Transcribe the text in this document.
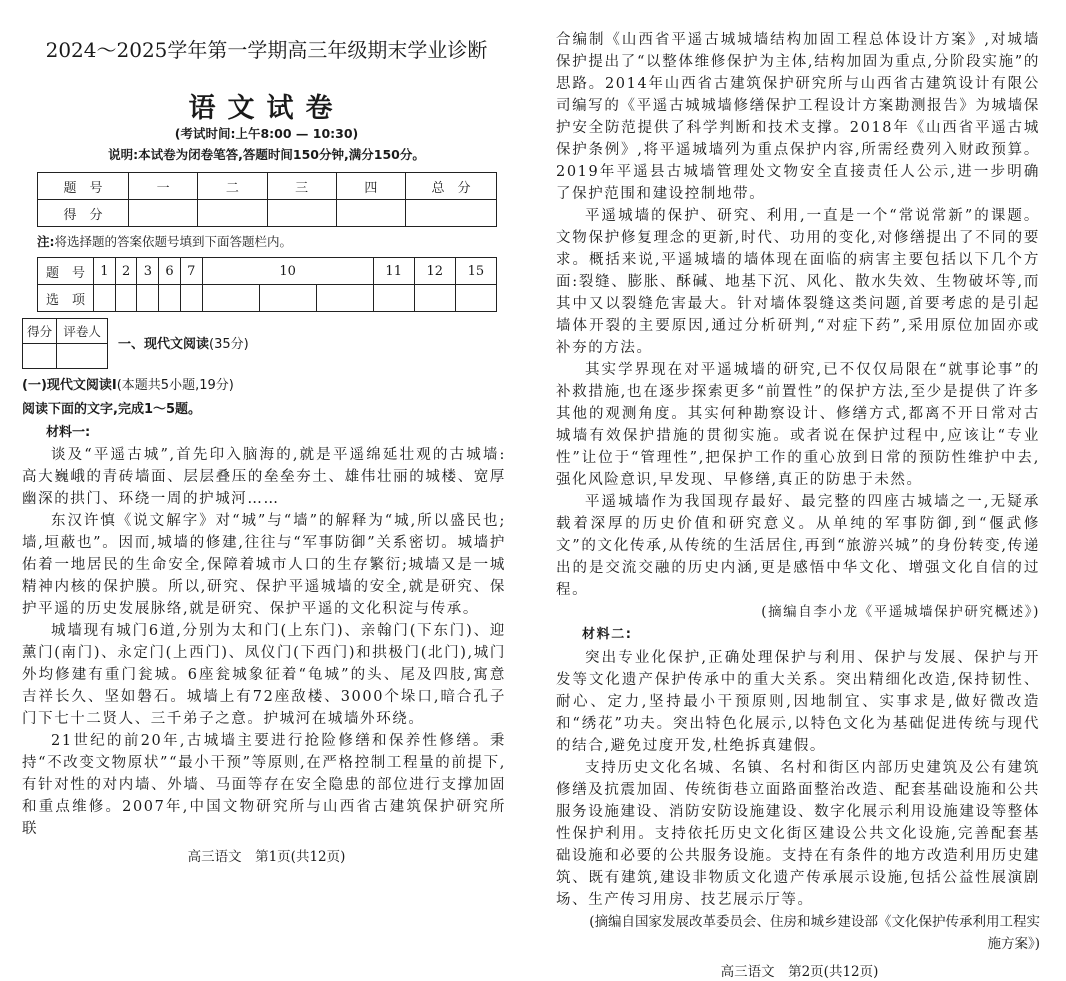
2024～2025学年第一学期高三年级期末学业诊断
语文试卷
(考试时间:上午8:00 — 10:30)
说明:本试卷为闭卷笔答,答题时间150分钟,满分150分。
题　号	一	二	三	四	总　分
得　分					
注:将选择题的答案依题号填到下面答题栏内。
题　号	1	2	3	6	7	10			11	12	15
选　项											
得分	评卷人

一、现代文阅读(35分)
(一)现代文阅读Ⅰ(本题共5小题,19分)
阅读下面的文字,完成1～5题。
材料一:

谈及“平遥古城”,首先印入脑海的,就是平遥绵延壮观的古城墙:高大巍峨的青砖墙面、层层叠压的垒垒夯土、雄伟壮丽的城楼、宽厚幽深的拱门、环绕一周的护城河……

东汉许慎《说文解字》对“城”与“墙”的解释为“城,所以盛民也;墙,垣蔽也”。因而,城墙的修建,往往与“军事防御”关系密切。城墙护佑着一地居民的生命安全,保障着城市人口的生存繁衍;城墙又是一城精神内核的保护膜。所以,研究、保护平遥城墙的安全,就是研究、保护平遥的历史发展脉络,就是研究、保护平遥的文化积淀与传承。

城墙现有城门6道,分别为太和门(上东门)、亲翰门(下东门)、迎薰门(南门)、永定门(上西门)、凤仪门(下西门)和拱极门(北门),城门外均修建有重门瓮城。6座瓮城象征着“龟城”的头、尾及四肢,寓意吉祥长久、坚如磐石。城墙上有72座敌楼、3000个垛口,暗合孔子门下七十二贤人、三千弟子之意。护城河在城墙外环绕。

21世纪的前20年,古城墙主要进行抢险修缮和保养性修缮。秉持“不改变文物原状”“最小干预”等原则,在严格控制工程量的前提下,有针对性的对内墙、外墙、马面等存在安全隐患的部位进行支撑加固和重点维修。2007年,中国文物研究所与山西省古建筑保护研究所联

高三语文　第1页(共12页)

合编制《山西省平遥古城城墙结构加固工程总体设计方案》,对城墙保护提出了“以整体维修保护为主体,结构加固为重点,分阶段实施”的思路。2014年山西省古建筑保护研究所与山西省古建筑设计有限公司编写的《平遥古城城墙修缮保护工程设计方案勘测报告》为城墙保护安全防范提供了科学判断和技术支撑。2018年《山西省平遥古城保护条例》,将平遥城墙列为重点保护内容,所需经费列入财政预算。2019年平遥县古城墙管理处文物安全直接责任人公示,进一步明确了保护范围和建设控制地带。

平遥城墙的保护、研究、利用,一直是一个“常说常新”的课题。文物保护修复理念的更新,时代、功用的变化,对修缮提出了不同的要求。概括来说,平遥城墙的墙体现在面临的病害主要包括以下几个方面:裂缝、膨胀、酥碱、地基下沉、风化、散水失效、生物破坏等,而其中又以裂缝危害最大。针对墙体裂缝这类问题,首要考虑的是引起墙体开裂的主要原因,通过分析研判,“对症下药”,采用原位加固亦或补夯的方法。

其实学界现在对平遥城墙的研究,已不仅仅局限在“就事论事”的补救措施,也在逐步探索更多“前置性”的保护方法,至少是提供了许多其他的观测角度。其实何种勘察设计、修缮方式,都离不开日常对古城墙有效保护措施的贯彻实施。或者说在保护过程中,应该让“专业性”让位于“管理性”,把保护工作的重心放到日常的预防性维护中去,强化风险意识,早发现、早修缮,真正的防患于未然。

平遥城墙作为我国现存最好、最完整的四座古城墙之一,无疑承载着深厚的历史价值和研究意义。从单纯的军事防御,到“偃武修文”的文化传承,从传统的生活居住,再到“旅游兴城”的身份转变,传递出的是交流交融的历史内涵,更是感悟中华文化、增强文化自信的过程。

(摘编自李小龙《平遥城墙保护研究概述》)

材料二:

突出专业化保护,正确处理保护与利用、保护与发展、保护与开发等文化遗产保护传承中的重大关系。突出精细化改造,保持韧性、耐心、定力,坚持最小干预原则,因地制宜、实事求是,做好微改造和“绣花”功夫。突出特色化展示,以特色文化为基础促进传统与现代的结合,避免过度开发,杜绝拆真建假。

支持历史文化名城、名镇、名村和街区内部历史建筑及公有建筑修缮及抗震加固、传统街巷立面路面整治改造、配套基础设施和公共服务设施建设、消防安防设施建设、数字化展示利用设施建设等整体性保护利用。支持依托历史文化街区建设公共文化设施,完善配套基础设施和必要的公共服务设施。支持在有条件的地方改造利用历史建筑、既有建筑,建设非物质文化遗产传承展示设施,包括公益性展演剧场、生产传习用房、技艺展示厅等。

(摘编自国家发展改革委员会、住房和城乡建设部《文化保护传承利用工程实施方案》)

高三语文　第2页(共12页)
